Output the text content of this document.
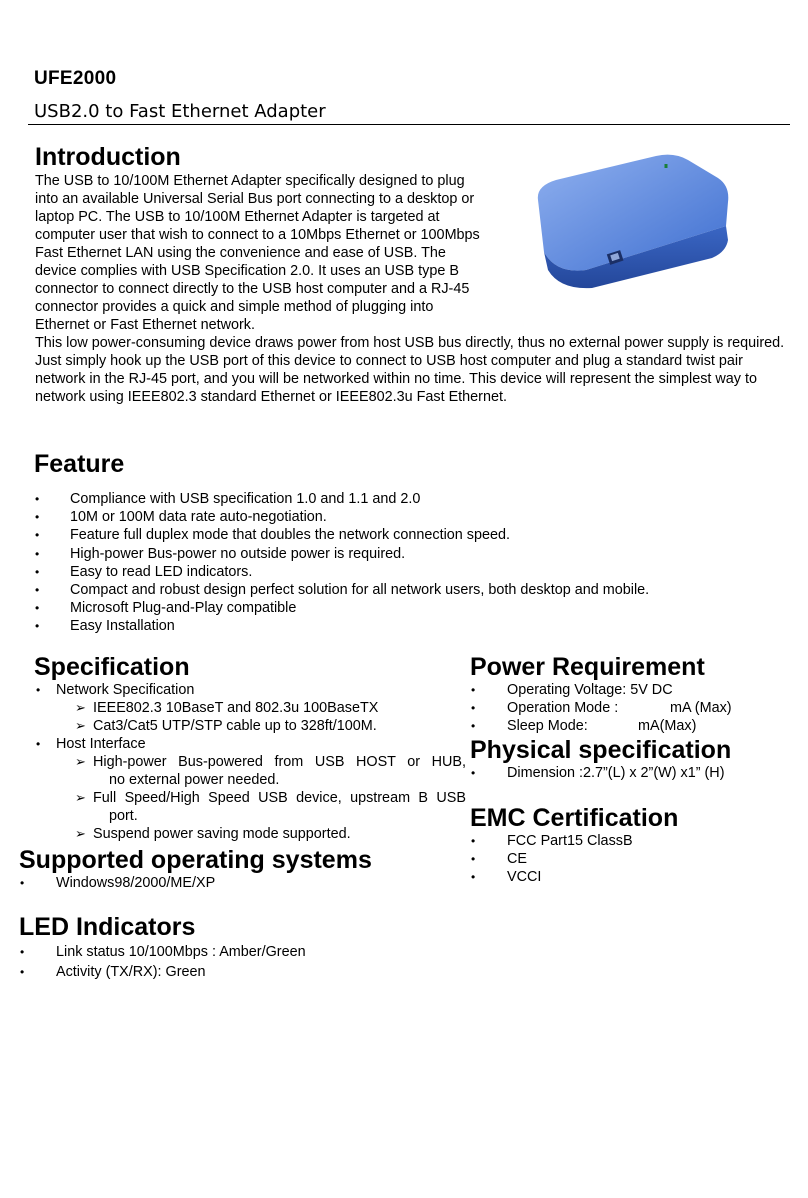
UFE2000
USB2.0 to Fast Ethernet Adapter
Introduction
The USB to 10/100M Ethernet Adapter specifically designed to plug
into an available Universal Serial Bus port connecting to a desktop or
laptop PC. The USB to 10/100M Ethernet Adapter is targeted at
computer user that wish to connect to a 10Mbps Ethernet or 100Mbps
Fast Ethernet LAN using the convenience and ease of USB. The
device complies with USB Specification 2.0. It uses an USB type B
connector to connect directly to the USB host computer and a RJ-45
connector provides a quick and simple method of plugging into
Ethernet or Fast Ethernet network.
This low power-consuming device draws power from host USB bus directly, thus no external power supply is required. Just simply hook up the USB port of this device to connect to USB host computer and plug a standard twist pair network in the RJ-45 port, and you will be networked within no time. This device will represent the simplest way to network using IEEE802.3 standard Ethernet or IEEE802.3u Fast Ethernet.
Feature
• Compliance with USB specification 1.0 and 1.1 and 2.0
• 10M or 100M data rate auto-negotiation.
• Feature full duplex mode that doubles the network connection speed.
• High-power Bus-power no outside power is required.
• Easy to read LED indicators.
• Compact and robust design perfect solution for all network users, both desktop and mobile.
• Microsoft Plug-and-Play compatible
• Easy Installation
Specification
• Network Specification
➢ IEEE802.3 10BaseT and 802.3u 100BaseTX
➢ Cat3/Cat5 UTP/STP cable up to 328ft/100M.
• Host Interface
➢ High-power Bus-powered from USB HOST or HUB,
no external power needed.
➢ Full Speed/High Speed USB device, upstream B USB
port.
➢ Suspend power saving mode supported.
Supported operating systems
• Windows98/2000/ME/XP
LED Indicators
• Link status 10/100Mbps : Amber/Green
• Activity (TX/RX): Green
Power Requirement
• Operating Voltage: 5V DC
• Operation Mode :	mA (Max)
• Sleep Mode:	mA(Max)
Physical specification
• Dimension :2.7”(L) x 2”(W) x1” (H)
EMC Certification
• FCC Part15 ClassB
• CE
• VCCI
